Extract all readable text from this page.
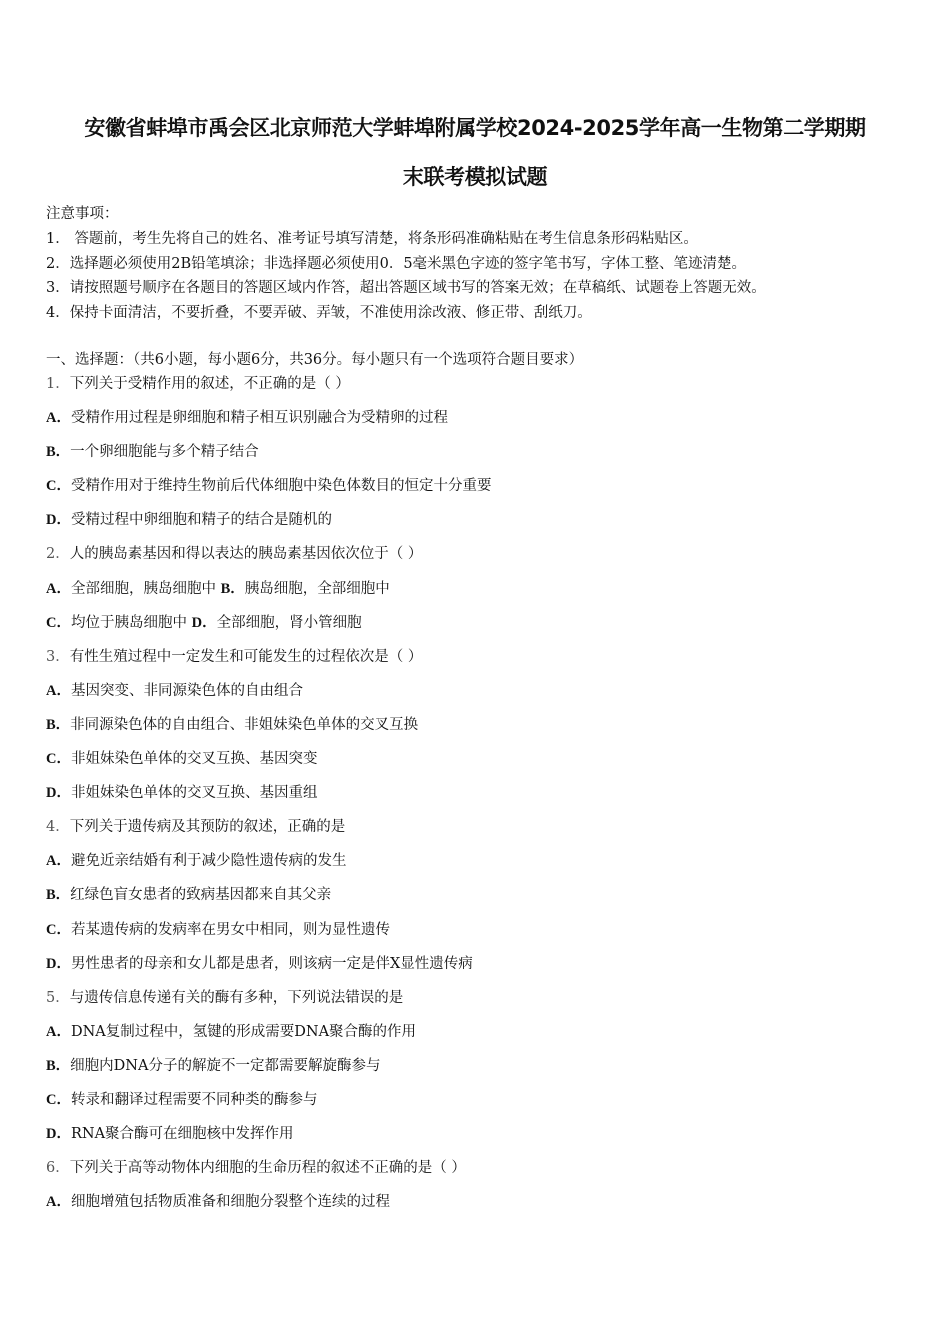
安徽省蚌埠市禹会区北京师范大学蚌埠附属学校2024-2025学年高一生物第二学期期
末联考模拟试题
注意事项：
1． 答题前，考生先将自己的姓名、准考证号填写清楚，将条形码准确粘贴在考生信息条形码粘贴区。
2．选择题必须使用2B铅笔填涂；非选择题必须使用0．5毫米黑色字迹的签字笔书写，字体工整、笔迹清楚。
3．请按照题号顺序在各题目的答题区域内作答，超出答题区域书写的答案无效；在草稿纸、试题卷上答题无效。
4．保持卡面清洁，不要折叠，不要弄破、弄皱，不准使用涂改液、修正带、刮纸刀。
一、选择题：（共6小题，每小题6分，共36分。每小题只有一个选项符合题目要求）
1．下列关于受精作用的叙述，不正确的是（ ）
A．受精作用过程是卵细胞和精子相互识别融合为受精卵的过程
B．一个卵细胞能与多个精子结合
C．受精作用对于维持生物前后代体细胞中染色体数目的恒定十分重要
D．受精过程中卵细胞和精子的结合是随机的
2．人的胰岛素基因和得以表达的胰岛素基因依次位于（ ）
A．全部细胞，胰岛细胞中 B．胰岛细胞，全部细胞中
C．均位于胰岛细胞中 D．全部细胞，肾小管细胞
3．有性生殖过程中一定发生和可能发生的过程依次是（ ）
A．基因突变、非同源染色体的自由组合
B．非同源染色体的自由组合、非姐妹染色单体的交叉互换
C．非姐妹染色单体的交叉互换、基因突变
D．非姐妹染色单体的交叉互换、基因重组
4．下列关于遗传病及其预防的叙述，正确的是
A．避免近亲结婚有利于减少隐性遗传病的发生
B．红绿色盲女患者的致病基因都来自其父亲
C．若某遗传病的发病率在男女中相同，则为显性遗传
D．男性患者的母亲和女儿都是患者，则该病一定是伴X显性遗传病
5．与遗传信息传递有关的酶有多种，下列说法错误的是
A．DNA复制过程中，氢键的形成需要DNA聚合酶的作用
B．细胞内DNA分子的解旋不一定都需要解旋酶参与
C．转录和翻译过程需要不同种类的酶参与
D．RNA聚合酶可在细胞核中发挥作用
6．下列关于高等动物体内细胞的生命历程的叙述不正确的是（ ）
A．细胞增殖包括物质准备和细胞分裂整个连续的过程
